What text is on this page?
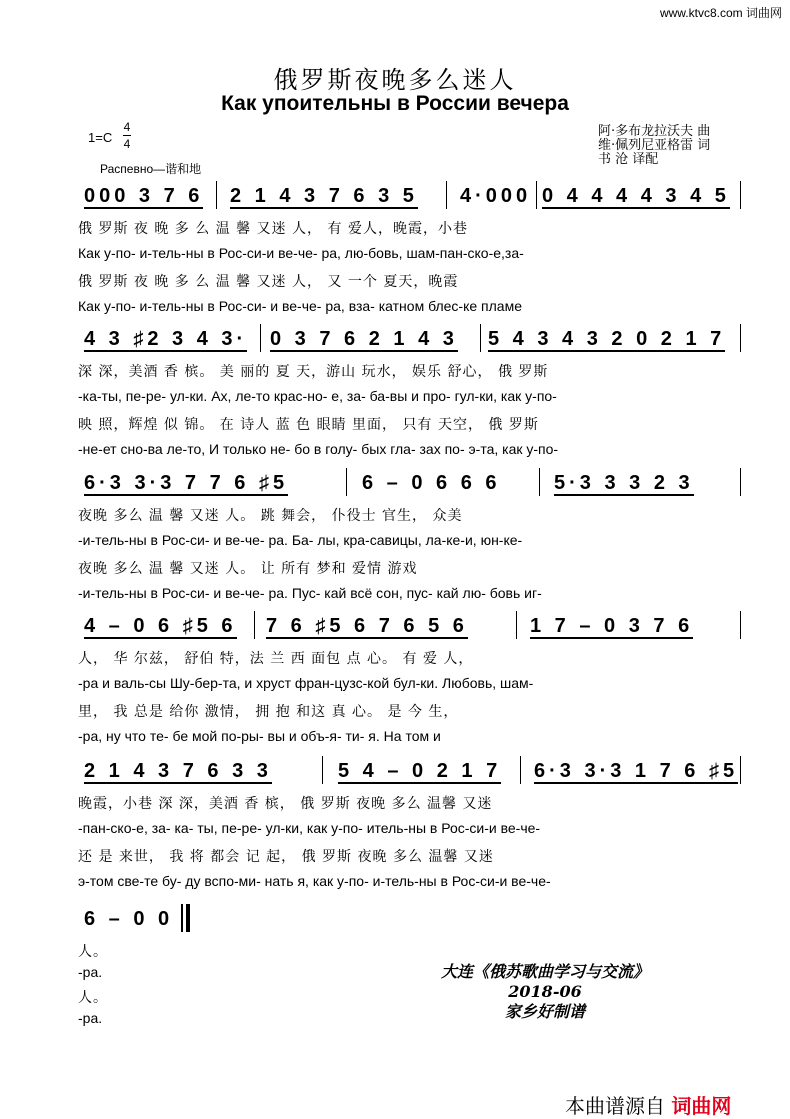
www.ktvc8.com 词曲网
俄罗斯夜晚多么迷人
Как упоительны в России вечера
1=C
4
4
Распевно—谐和地
阿·多布龙拉沃夫 曲
维·佩列尼亚格雷 词
书 沧 译配
000 3 7 6 2 1 4 3 7 6 3 5 4·000 0 4 4 4 4 3 4 5
俄 罗斯 夜 晚 多 么 温 馨 又迷 人， 有 爱人，晚霞，小巷
Как у-по- и-тель-ны в Рос-си-и ве-че- ра, лю-бовь, шам-пан-ско-е,за-
俄 罗斯 夜 晚 多 么 温 馨 又迷 人， 又 一个 夏天，晚霞
Как у-по- и-тель-ны в Рос-си- и ве-че- ра, вза- катном блес-ке пламе
4 3 ♯2 3 4 3· 0 3 7 6 2 1 4 3 5 4 3 4 3 2 0 2 1 7
深 深，美酒 香 槟。 美 丽的 夏 天，游山 玩水， 娱乐 舒心， 俄 罗斯
-ка-ты, пе-ре- ул-ки. Ах, ле-то крас-но- е, за- ба-вы и про- гул-ки, как у-по-
映 照，辉煌 似 锦。 在 诗人 蓝 色 眼睛 里面， 只有 天空， 俄 罗斯
-не-ет сно-ва ле-то, И только не- бо в голу- бых гла- зах по- э-та, как у-по-
6·3 3·3 7 7 6 ♯5	6 – 0 6 6 6	5·3 3 3 2 3
夜晚 多么 温 馨 又迷 人。 跳 舞会， 仆役士 官生， 众美
-и-тель-ны в Рос-си- и ве-че- ра. Ба- лы, кра-савицы, ла-ке-и, юн-ке-
夜晚 多么 温 馨 又迷 人。 让 所有 梦和 爱情 游戏
-и-тель-ны в Рос-си- и ве-че- ра. Пус- кай всё сон, пус- кай лю- бовь иг-
4 – 0 6 ♯5 6 7 6 ♯5 6 7 6 5 6	1 7 – 0 3 7 6
人， 华 尔兹， 舒伯 特，法 兰 西 面包 点 心。 有 爱 人，
-ра и валь-сы Шу-бер-та, и хруст фран-цузс-кой бул-ки. Любовь, шам-
里， 我 总是 给你 激情， 拥 抱 和这 真 心。 是 今 生，
-ра, ну что те- бе мой по-ры- вы и объ-я- ти- я. На том и
2 1 4 3 7 6 3 3	5 4 – 0 2 1 7 6·3 3·3 1 7 6 ♯5
晚霞，小巷 深 深，美酒 香 槟， 俄 罗斯 夜晚 多么 温馨 又迷
-пан-ско-е, за- ка- ты, пе-ре- ул-ки, как у-по- итель-ны в Рос-си-и ве-че-
还 是 来世， 我 将 都会 记 起， 俄 罗斯 夜晚 多么 温馨 又迷
э-том све-те бу- ду вспо-ми- нать я, как у-по- и-тель-ны в Рос-си-и ве-че-
6 – 0 0
人。
-ра.
人。
-ра.
大连《俄苏歌曲学习与交流》
2018-06
家乡好制谱
本曲谱源自 词曲网
